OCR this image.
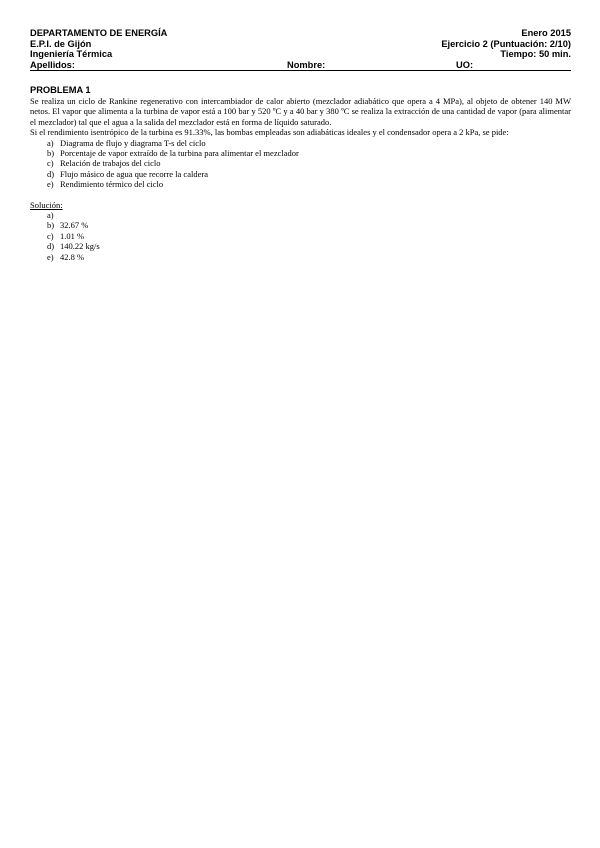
DEPARTAMENTO DE ENERGÍA	Enero 2015
E.P.I. de Gijón	Ejercicio 2 (Puntuación: 2/10)
Ingeniería Térmica	Tiempo: 50 min.
Apellidos:	Nombre:	UO:
PROBLEMA 1
Se realiza un ciclo de Rankine regenerativo con intercambiador de calor abierto (mezclador adiabático que opera a 4 MPa), al objeto de obtener 140 MW netos. El vapor que alimenta a la turbina de vapor está a 100 bar y 520 ºC y a 40 bar y 380 ºC se realiza la extracción de una cantidad de vapor (para alimentar el mezclador) tal que el agua a la salida del mezclador está en forma de líquido saturado.
Si el rendimiento isentrópico de la turbina es 91.33%, las bombas empleadas son adiabáticas ideales y el condensador opera a 2 kPa, se pide:
a) Diagrama de flujo y diagrama T-s del ciclo
b) Porcentaje de vapor extraído de la turbina para alimentar el mezclador
c) Relación de trabajos del ciclo
d) Flujo másico de agua que recorre la caldera
e) Rendimiento térmico del ciclo
Solución:
a)
b) 32.67 %
c) 1.01 %
d) 140.22 kg/s
e) 42.8 %
